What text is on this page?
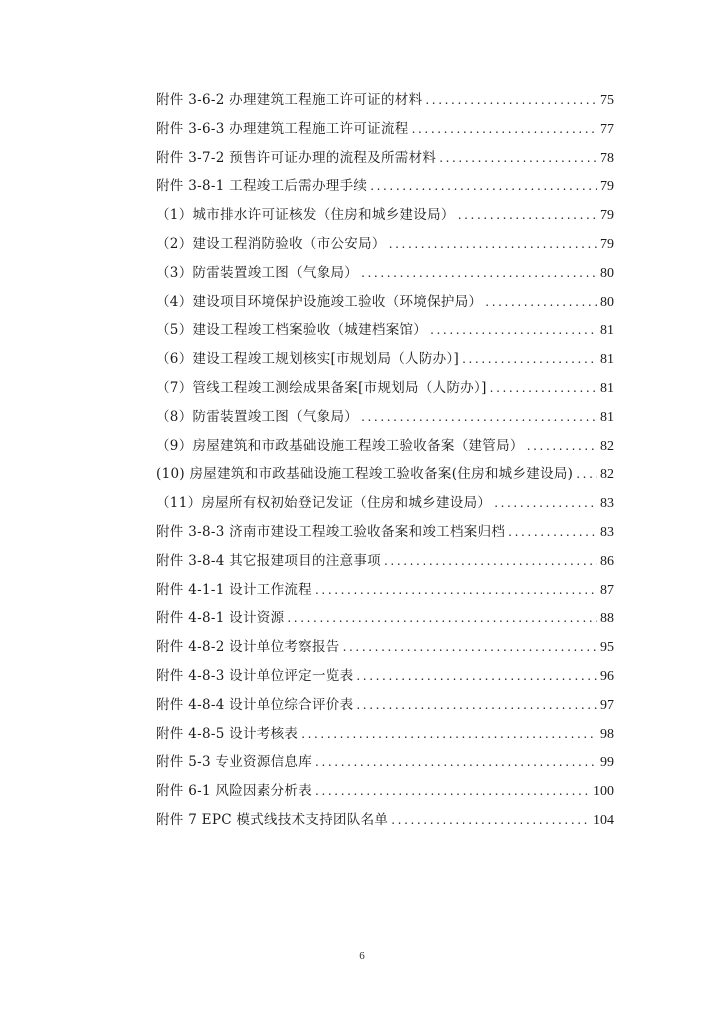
附件 3-6-2 办理建筑工程施工许可证的材料 .....	75
附件 3-6-3 办理建筑工程施工许可证流程 .....	77
附件 3-7-2 预售许可证办理的流程及所需材料 .....	78
附件 3-8-1 工程竣工后需办理手续 .....	79
（1）城市排水许可证核发（住房和城乡建设局） .....	79
（2）建设工程消防验收（市公安局） .....	79
（3）防雷装置竣工图（气象局） .....	80
（4）建设项目环境保护设施竣工验收（环境保护局） .....	80
（5）建设工程竣工档案验收（城建档案馆） .....	81
（6）建设工程竣工规划核实[市规划局（人防办）] .....	81
（7）管线工程竣工测绘成果备案[市规划局（人防办）] .....	81
（8）防雷装置竣工图（气象局） .....	81
（9）房屋建筑和市政基础设施工程竣工验收备案（建管局） .....	82
(10) 房屋建筑和市政基础设施工程竣工验收备案(住房和城乡建设局) ..... 82
（11）房屋所有权初始登记发证（住房和城乡建设局） .....	83
附件 3-8-3 济南市建设工程竣工验收备案和竣工档案归档 .....	83
附件 3-8-4 其它报建项目的注意事项 .....	86
附件 4-1-1 设计工作流程 .....	87
附件 4-8-1 设计资源 .....	88
附件 4-8-2 设计单位考察报告 .....	95
附件 4-8-3 设计单位评定一览表 .....	96
附件 4-8-4 设计单位综合评价表 .....	97
附件 4-8-5 设计考核表 .....	98
附件 5-3 专业资源信息库 .....	99
附件 6-1 风险因素分析表 .....	100
附件 7 EPC 模式线技术支持团队名单 .....	104
6
